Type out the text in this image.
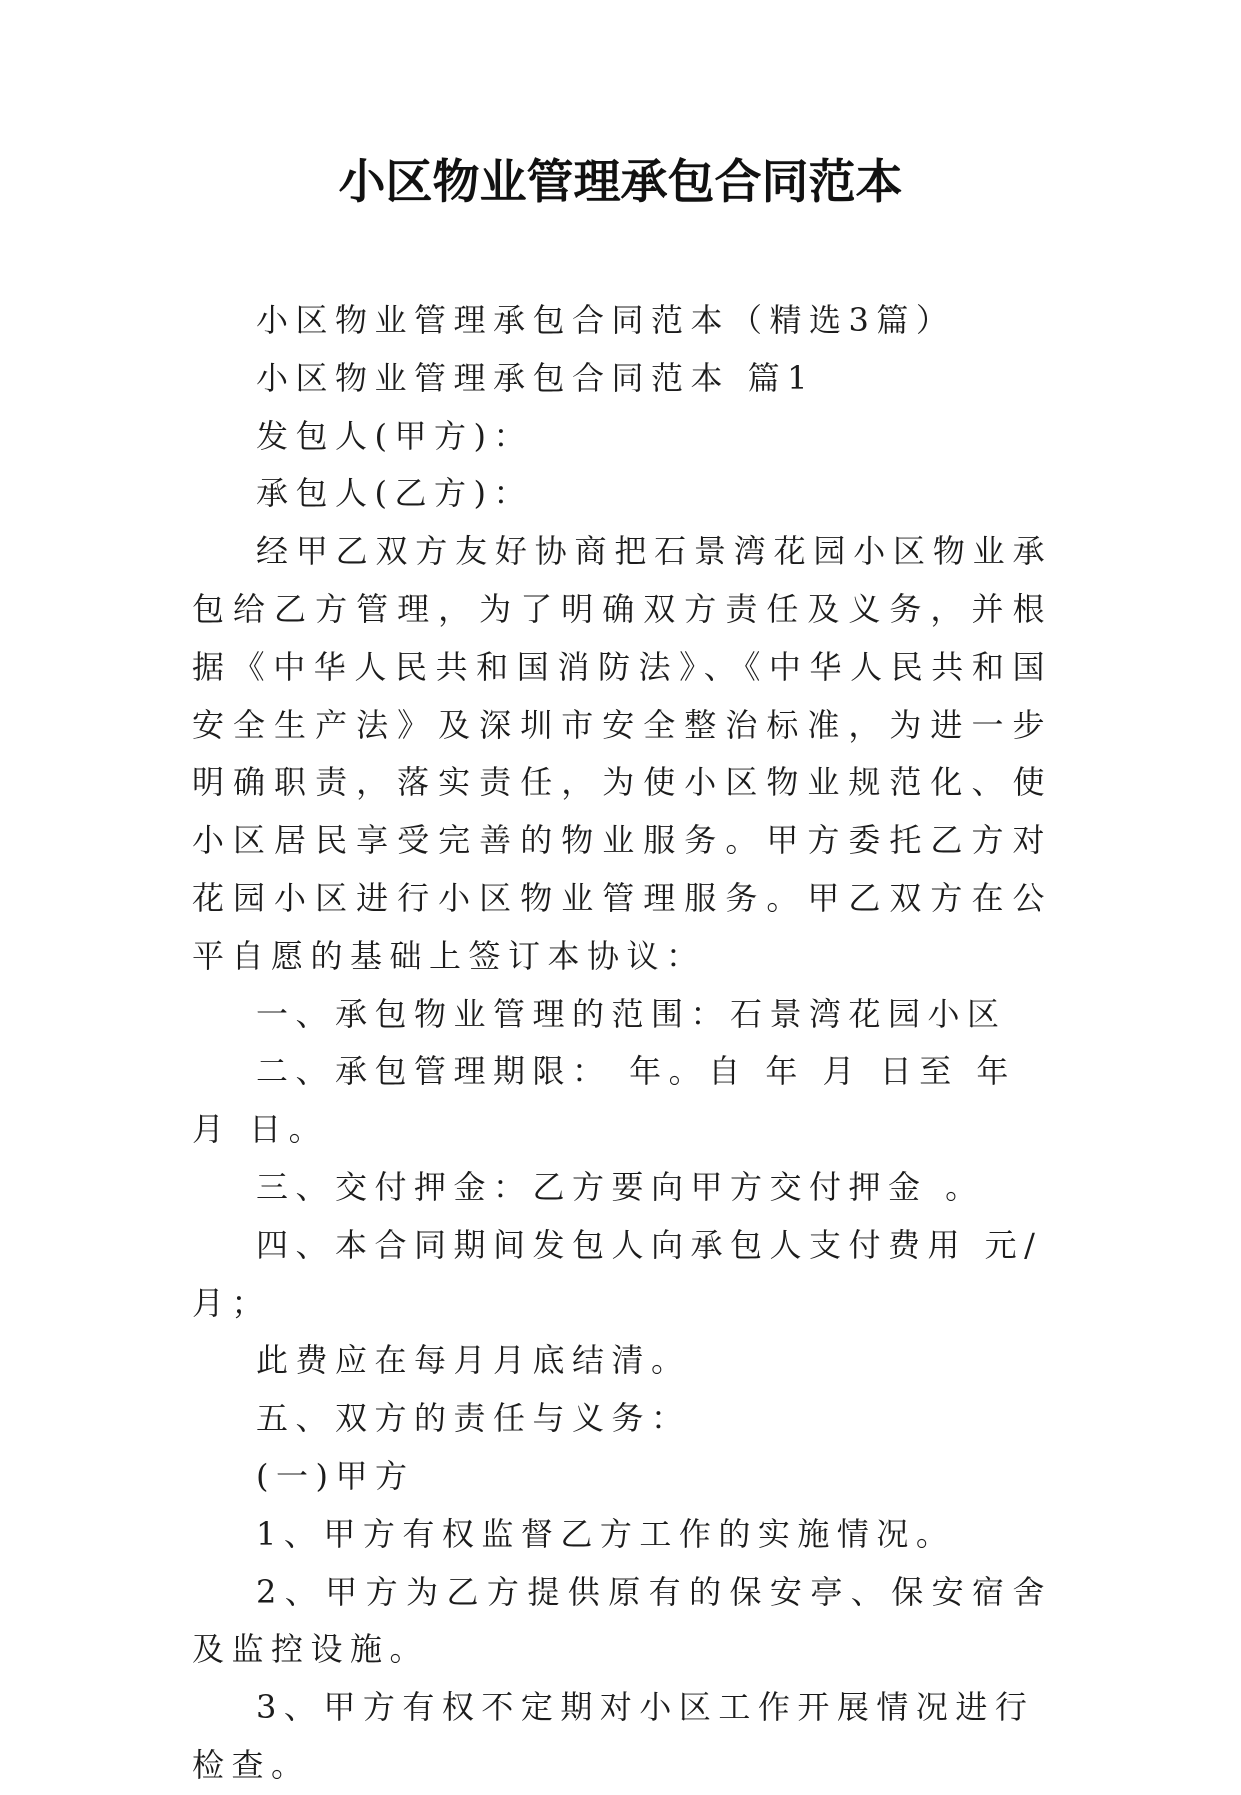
小区物业管理承包合同范本

小区物业管理承包合同范本（精选3篇）

小区物业管理承包合同范本 篇1

发包人(甲方)：

承包人(乙方)：

经甲乙双方友好协商把石景湾花园小区物业承包给乙方管理，为了明确双方责任及义务，并根据《中华人民共和国消防法》、《中华人民共和国安全生产法》及深圳市安全整治标准，为进一步明确职责，落实责任，为使小区物业规范化、使小区居民享受完善的物业服务。甲方委托乙方对花园小区进行小区物业管理服务。甲乙双方在公平自愿的基础上签订本协议：

一、承包物业管理的范围：石景湾花园小区

二、承包管理期限： 年。自 年 月 日至 年 月 日。

三、交付押金：乙方要向甲方交付押金 。

四、本合同期间发包人向承包人支付费用 元/月；

此费应在每月月底结清。

五、双方的责任与义务：

(一)甲方

1、甲方有权监督乙方工作的实施情况。

2、甲方为乙方提供原有的保安亭、保安宿舍及监控设施。

3、甲方有权不定期对小区工作开展情况进行检查。
